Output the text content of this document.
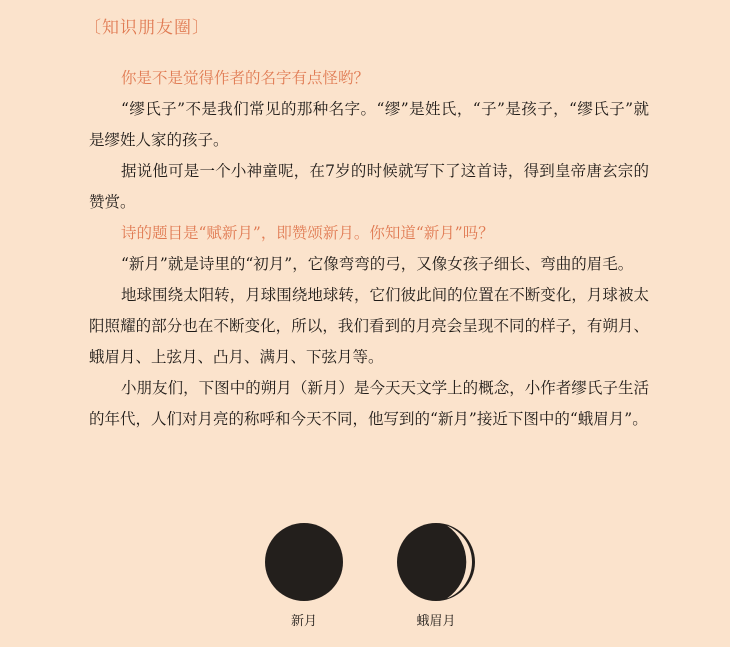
〔知识朋友圈〕

你是不是觉得作者的名字有点怪哟？

“缪氏子”不是我们常见的那种名字。“缪”是姓氏，“子”是孩子，“缪氏子”就是缪姓人家的孩子。

据说他可是一个小神童呢，在7岁的时候就写下了这首诗，得到皇帝唐玄宗的赞赏。

诗的题目是“赋新月”，即赞颂新月。你知道“新月”吗？

“新月”就是诗里的“初月”，它像弯弯的弓，又像女孩子细长、弯曲的眉毛。

地球围绕太阳转，月球围绕地球转，它们彼此间的位置在不断变化，月球被太阳照耀的部分也在不断变化，所以，我们看到的月亮会呈现不同的样子，有朔月、蛾眉月、上弦月、凸月、满月、下弦月等。

小朋友们，下图中的朔月（新月）是今天天文学上的概念，小作者缪氏子生活的年代，人们对月亮的称呼和今天不同，他写到的“新月”接近下图中的“蛾眉月”。

新月	蛾眉月
